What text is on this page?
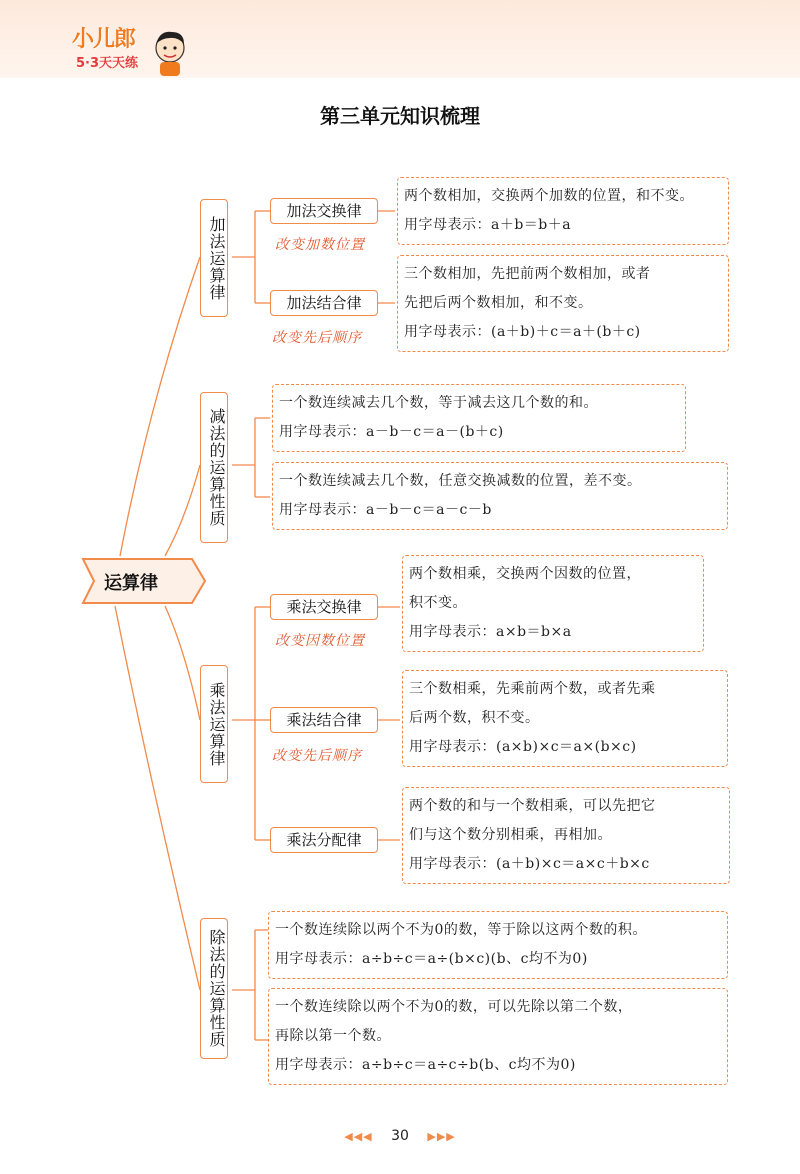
小儿郎
5·3天天练
第三单元知识梳理
运算律
加法运算律
减法的运算性质
乘法运算律
除法的运算性质
加法交换律
改变加数位置
加法结合律
改变先后顺序
乘法交换律
改变因数位置
乘法结合律
改变先后顺序
乘法分配律
两个数相加，交换两个加数的位置，和不变。
用字母表示：a＋b＝b＋a
三个数相加，先把前两个数相加，或者
先把后两个数相加，和不变。
用字母表示：(a＋b)＋c＝a＋(b＋c)
一个数连续减去几个数，等于减去这几个数的和。
用字母表示：a－b－c＝a－(b＋c)
一个数连续减去几个数，任意交换减数的位置，差不变。
用字母表示：a－b－c＝a－c－b
两个数相乘，交换两个因数的位置，
积不变。
用字母表示：a×b＝b×a
三个数相乘，先乘前两个数，或者先乘
后两个数，积不变。
用字母表示：(a×b)×c＝a×(b×c)
两个数的和与一个数相乘，可以先把它
们与这个数分别相乘，再相加。
用字母表示：(a＋b)×c＝a×c＋b×c
一个数连续除以两个不为0的数，等于除以这两个数的积。
用字母表示：a÷b÷c＝a÷(b×c)(b、c均不为0)
一个数连续除以两个不为0的数，可以先除以第二个数，
再除以第一个数。
用字母表示：a÷b÷c＝a÷c÷b(b、c均不为0)
◀◀◀ 30 ▶▶▶
